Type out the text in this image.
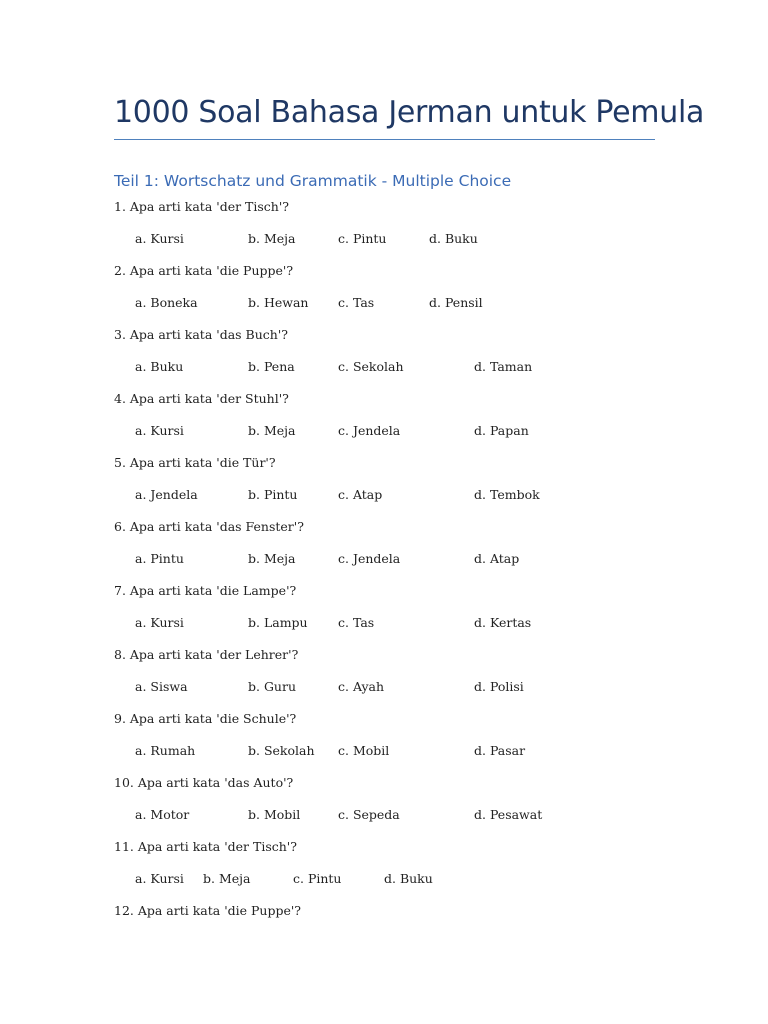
1000 Soal Bahasa Jerman untuk Pemula
Teil 1: Wortschatz und Grammatik - Multiple Choice
1. Apa arti kata 'der Tisch'?
a. Kursi	b. Meja	c. Pintu	d. Buku
2. Apa arti kata 'die Puppe'?
a. Boneka	b. Hewan c. Tas	d. Pensil
3. Apa arti kata 'das Buch'?
a. Buku	b. Pena	c. Sekolah	d. Taman
4. Apa arti kata 'der Stuhl'?
a. Kursi	b. Meja	c. Jendela	d. Papan
5. Apa arti kata 'die Tür'?
a. Jendela	b. Pintu	c. Atap	d. Tembok
6. Apa arti kata 'das Fenster'?
a. Pintu	b. Meja	c. Jendela	d. Atap
7. Apa arti kata 'die Lampe'?
a. Kursi	b. Lampu c. Tas	d. Kertas
8. Apa arti kata 'der Lehrer'?
a. Siswa	b. Guru	c. Ayah	d. Polisi
9. Apa arti kata 'die Schule'?
a. Rumah	b. Sekolah c. Mobil	d. Pasar
10. Apa arti kata 'das Auto'?
a. Motor	b. Mobil	c. Sepeda	d. Pesawat
11. Apa arti kata 'der Tisch'?
a. Kursi b. Meja	c. Pintu	d. Buku
12. Apa arti kata 'die Puppe'?
